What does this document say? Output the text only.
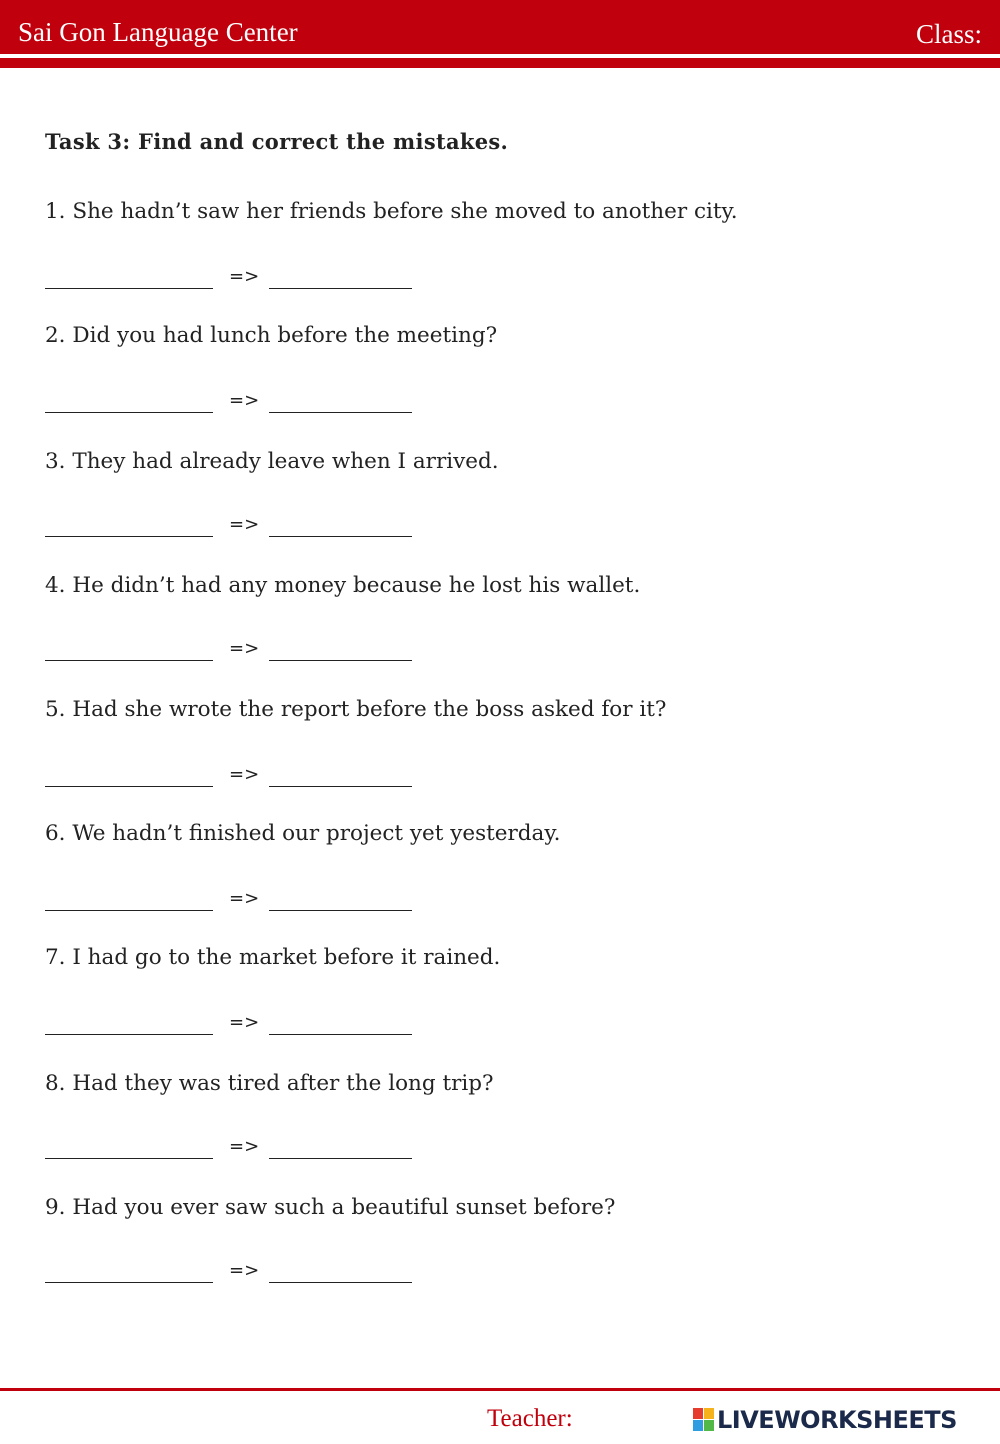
Sai Gon Language Center	Class:
Task 3: Find and correct the mistakes.
1. She hadn’t saw her friends before she moved to another city.
=>
2. Did you had lunch before the meeting?
=>
3. They had already leave when I arrived.
=>
4. He didn’t had any money because he lost his wallet.
=>
5. Had she wrote the report before the boss asked for it?
=>
6. We hadn’t finished our project yet yesterday.
=>
7. I had go to the market before it rained.
=>
8. Had they was tired after the long trip?
=>
9. Had you ever saw such a beautiful sunset before?
=>
Teacher:	LIVEWORKSHEETS
